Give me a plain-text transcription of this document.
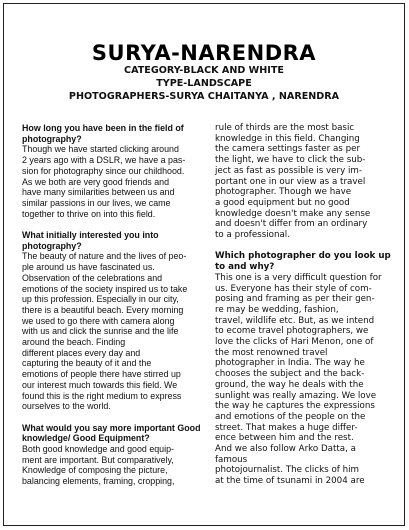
SURYA-NARENDRA
CATEGORY-BLACK AND WHITE
TYPE-LANDSCAPE
PHOTOGRAPHERS-SURYA CHAITANYA , NARENDRA
How long you have been in the field of
photography?
Though we have started clicking around
2 years ago with a DSLR, we have a pas-
sion for photography since our childhood.
As we both are very good friends and
have many similarities between us and
similar passions in our lives, we came
together to thrive on into this field.
What initially interested you into
photography?
The beauty of nature and the lives of peo-
ple around us have fascinated us.
Observation of the celebrations and
emotions of the society inspired us to take
up this profession. Especially in our city,
there is a beautiful beach. Every morning
we used to go there with camera along
with us and click the sunrise and the life
around the beach. Finding
different places every day and
capturing the beauty of it and the
emotions of people there have stirred up
our interest much towards this field. We
found this is the right medium to express
ourselves to the world.
What would you say more important Good
knowledge/ Good Equipment?
Both good knowledge and good equip-
ment are important. But comparatively,
Knowledge of composing the picture,
balancing elements, framing, cropping,
rule of thirds are the most basic
knowledge in this field. Changing
the camera settings faster as per
the light, we have to click the sub-
ject as fast as possible is very im-
portant one in our view as a travel
photographer. Though we have
a good equipment but no good
knowledge doesn't make any sense
and doesn't differ from an ordinary
to a professional.
Which photographer do you look up
to and why?
This one is a very difficult question for
us. Everyone has their style of com-
posing and framing as per their gen-
re may be wedding, fashion,
travel, wildlife etc. But, as we intend
to ecome travel photographers, we
love the clicks of Hari Menon, one of
the most renowned travel
photographer in India. The way he
chooses the subject and the back-
ground, the way he deals with the
sunlight was really amazing. We love
the way he captures the expressions
and emotions of the people on the
street. That makes a huge differ-
ence between him and the rest.
And we also follow Arko Datta, a
famous
photojournalist. The clicks of him
at the time of tsunami in 2004 are
